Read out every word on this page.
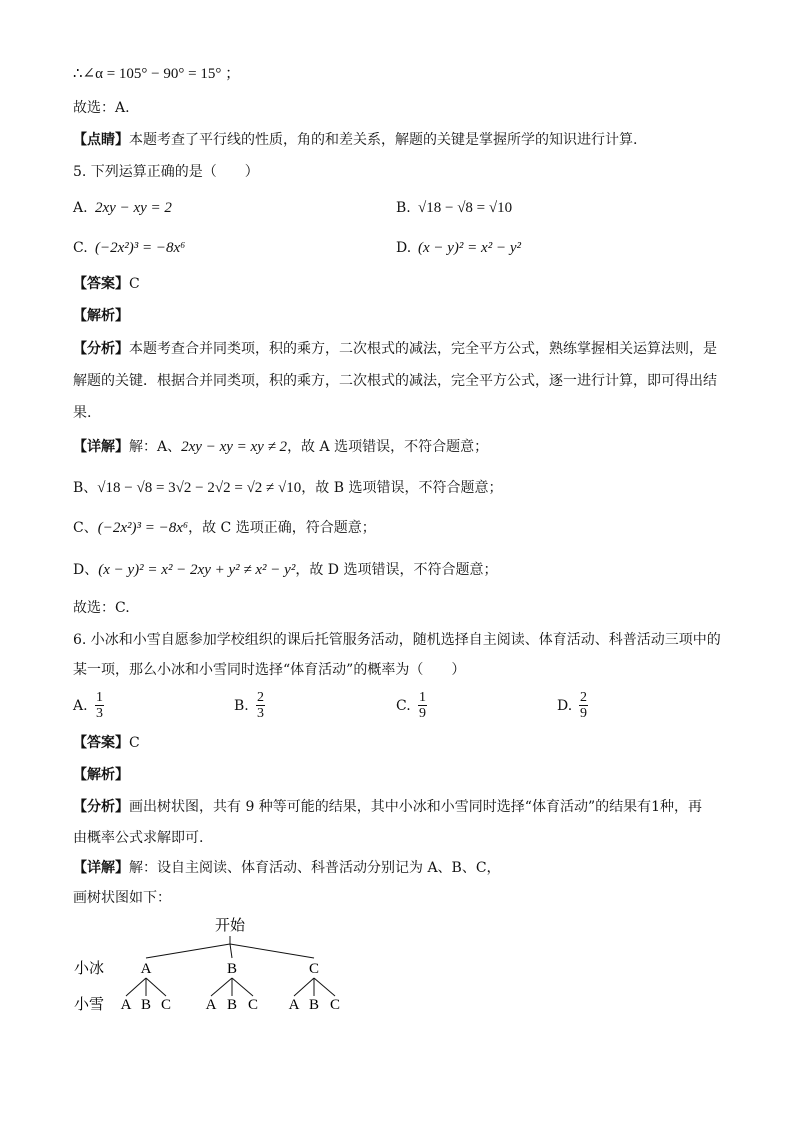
∴∠α = 105° − 90° = 15° ；
故选：A.
【点睛】本题考查了平行线的性质，角的和差关系，解题的关键是掌握所学的知识进行计算.
5. 下列运算正确的是（　　）
A. 2xy − xy = 2	B. √18 − √8 = √10
C. (−2x²)³ = −8x⁶	D. (x − y)² = x² − y²
【答案】C
【解析】
【分析】本题考查合并同类项，积的乘方，二次根式的减法，完全平方公式，熟练掌握相关运算法则，是
解题的关键．根据合并同类项，积的乘方，二次根式的减法，完全平方公式，逐一进行计算，即可得出结
果.
【详解】解：A、2xy − xy = xy ≠ 2，故 A 选项错误，不符合题意；
B、√18 − √8 = 3√2 − 2√2 = √2 ≠ √10，故 B 选项错误，不符合题意；
C、(−2x²)³ = −8x⁶，故 C 选项正确，符合题意；
D、(x − y)² = x² − 2xy + y² ≠ x² − y²，故 D 选项错误，不符合题意；
故选：C.
6. 小冰和小雪自愿参加学校组织的课后托管服务活动，随机选择自主阅读、体育活动、科普活动三项中的
某一项，那么小冰和小雪同时选择“体育活动”的概率为（　　）
A. $\frac{1}{3}$	B. $\frac{2}{3}$	C. $\frac{1}{9}$	D. $\frac{2}{9}$
【答案】C
【解析】
【分析】画出树状图，共有 9 种等可能的结果，其中小冰和小雪同时选择“体育活动”的结果有1种，再
由概率公式求解即可.
【详解】解：设自主阅读、体育活动、科普活动分别记为 A、B、C，
画树状图如下：
开始
小冰 A	B	C
小雪 A B C A B C A B C
